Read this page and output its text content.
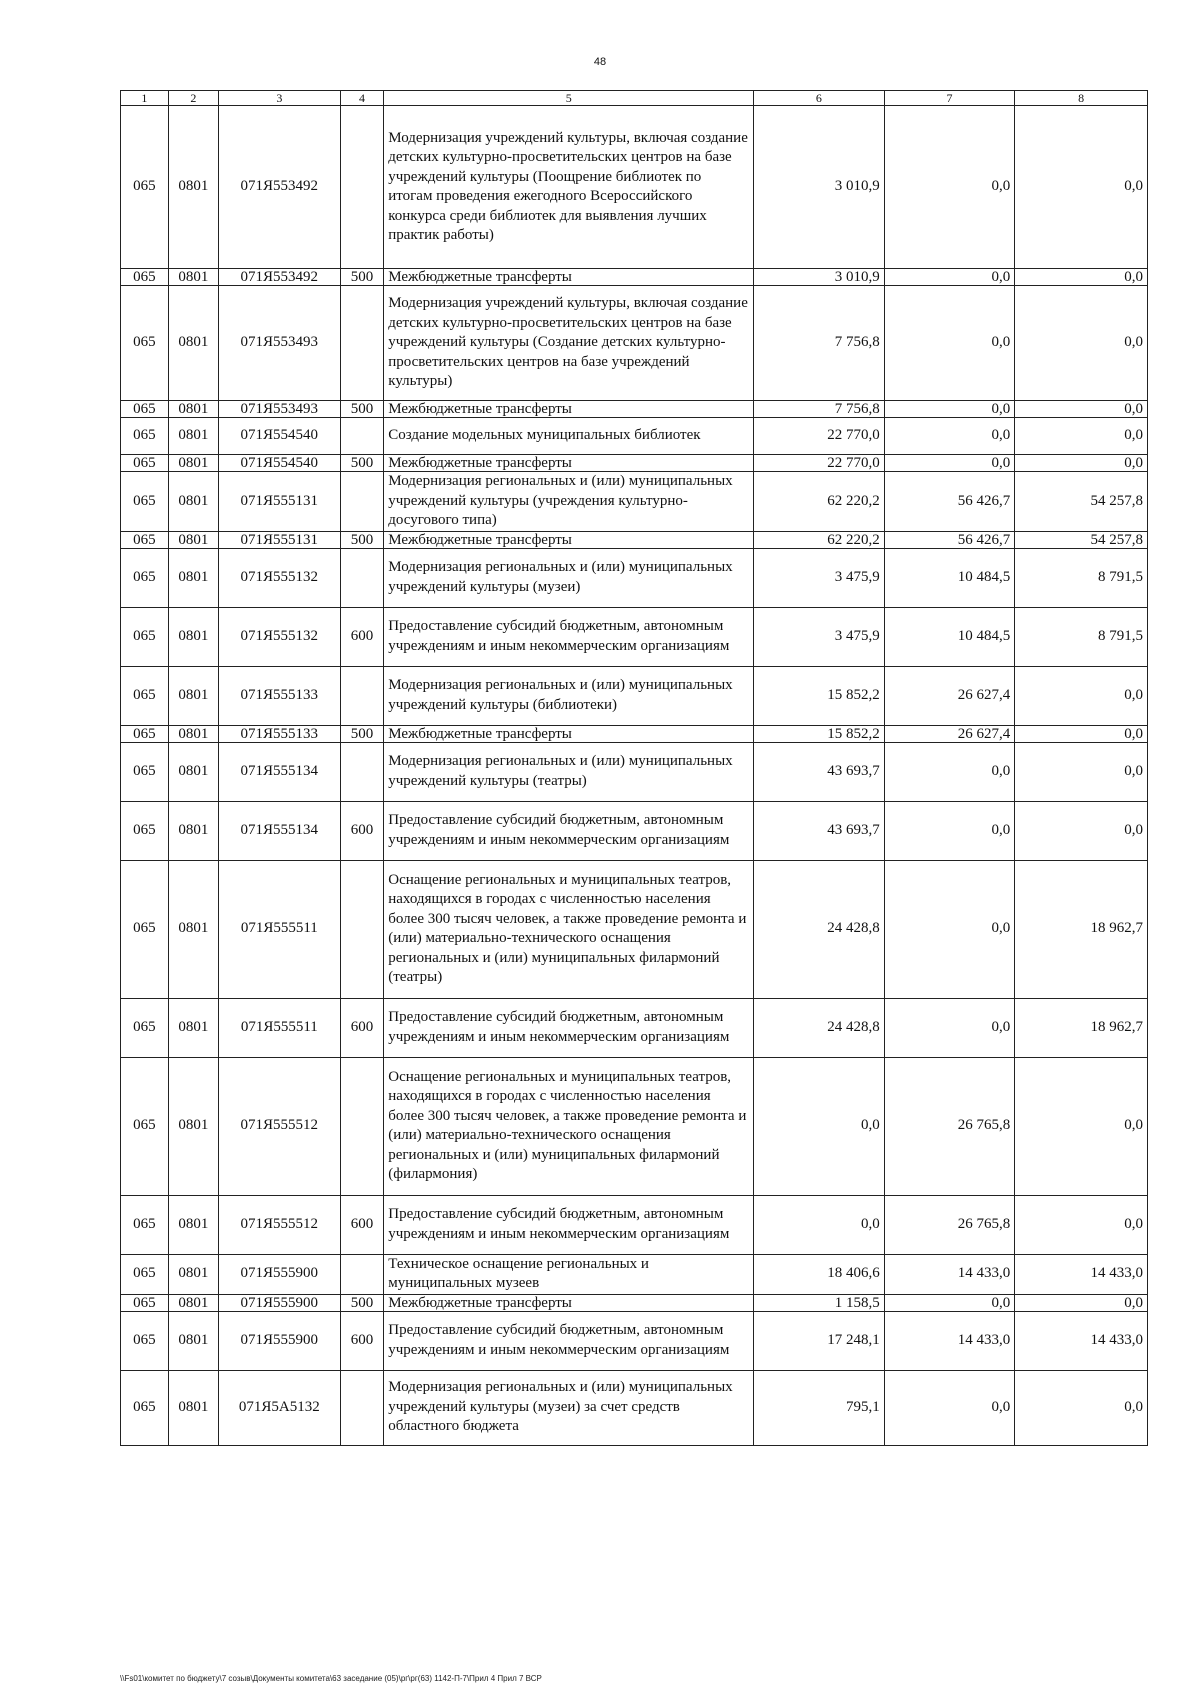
48
1	2	3	4	5	6	7	8
065	0801	071Я553492		Модернизация учреждений культуры, включая создание детских культурно-просветительских центров на базе учреждений культуры (Поощрение библиотек по итогам проведения ежегодного Всероссийского конкурса среди библиотек для выявления лучших практик работы)	3 010,9	0,0	0,0
065	0801	071Я553492	500	Межбюджетные трансферты	3 010,9	0,0	0,0
065	0801	071Я553493		Модернизация учреждений культуры, включая создание детских культурно-просветительских центров на базе учреждений культуры (Создание детских культурно-просветительских центров на базе учреждений культуры)	7 756,8	0,0	0,0
065	0801	071Я553493	500	Межбюджетные трансферты	7 756,8	0,0	0,0
065	0801	071Я554540		Создание модельных муниципальных библиотек	22 770,0	0,0	0,0
065	0801	071Я554540	500	Межбюджетные трансферты	22 770,0	0,0	0,0
065	0801	071Я555131		Модернизация региональных и (или) муниципальных учреждений культуры (учреждения культурно-досугового типа)	62 220,2	56 426,7	54 257,8
065	0801	071Я555131	500	Межбюджетные трансферты	62 220,2	56 426,7	54 257,8
065	0801	071Я555132		Модернизация региональных и (или) муниципальных учреждений культуры (музеи)	3 475,9	10 484,5	8 791,5
065	0801	071Я555132	600	Предоставление субсидий бюджетным, автономным учреждениям и иным некоммерческим организациям	3 475,9	10 484,5	8 791,5
065	0801	071Я555133		Модернизация региональных и (или) муниципальных учреждений культуры (библиотеки)	15 852,2	26 627,4	0,0
065	0801	071Я555133	500	Межбюджетные трансферты	15 852,2	26 627,4	0,0
065	0801	071Я555134		Модернизация региональных и (или) муниципальных учреждений культуры (театры)	43 693,7	0,0	0,0
065	0801	071Я555134	600	Предоставление субсидий бюджетным, автономным учреждениям и иным некоммерческим организациям	43 693,7	0,0	0,0
065	0801	071Я555511		Оснащение региональных и муниципальных театров, находящихся в городах с численностью населения более 300 тысяч человек, а также проведение ремонта и (или) материально-технического оснащения региональных и (или) муниципальных филармоний (театры)	24 428,8	0,0	18 962,7
065	0801	071Я555511	600	Предоставление субсидий бюджетным, автономным учреждениям и иным некоммерческим организациям	24 428,8	0,0	18 962,7
065	0801	071Я555512		Оснащение региональных и муниципальных театров, находящихся в городах с численностью населения более 300 тысяч человек, а также проведение ремонта и (или) материально-технического оснащения региональных и (или) муниципальных филармоний (филармония)	0,0	26 765,8	0,0
065	0801	071Я555512	600	Предоставление субсидий бюджетным, автономным учреждениям и иным некоммерческим организациям	0,0	26 765,8	0,0
065	0801	071Я555900		Техническое оснащение региональных и муниципальных музеев	18 406,6	14 433,0	14 433,0
065	0801	071Я555900	500	Межбюджетные трансферты	1 158,5	0,0	0,0
065	0801	071Я555900	600	Предоставление субсидий бюджетным, автономным учреждениям и иным некоммерческим организациям	17 248,1	14 433,0	14 433,0
065	0801	071Я5А5132		Модернизация региональных и (или) муниципальных учреждений культуры (музеи) за счет средств областного бюджета	795,1	0,0	0,0
\\Fs01\комитет по бюджету\7 созыв\Документы комитета\63 заседание (05)\рг\рг(63) 1142-П-7\Прил 4 Прил 7 ВСР
